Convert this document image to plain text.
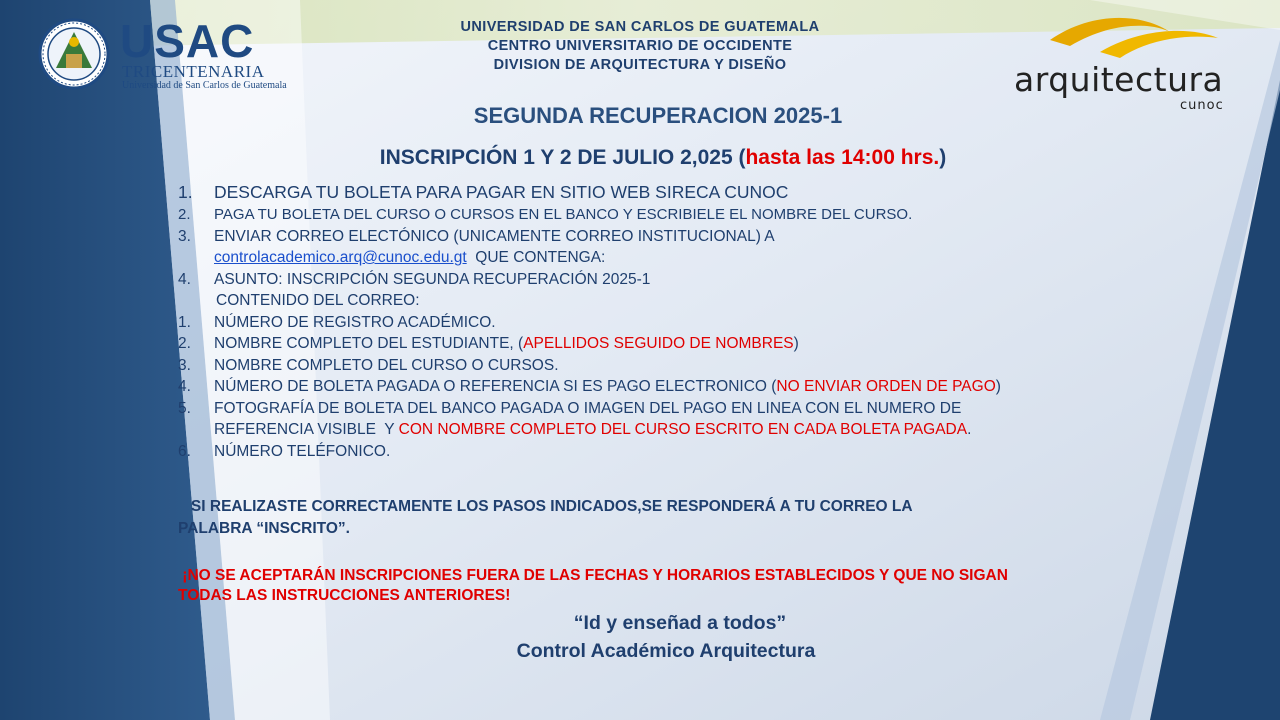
USAC
TRICENTENARIA
Universidad de San Carlos de Guatemala	arquitectura
cunoc
UNIVERSIDAD DE SAN CARLOS DE GUATEMALA
CENTRO UNIVERSITARIO DE OCCIDENTE
DIVISION DE ARQUITECTURA Y DISEÑO
SEGUNDA RECUPERACION 2025-1
INSCRIPCIÓN 1 Y 2 DE JULIO 2,025 (hasta las 14:00 hrs.)
1.	DESCARGA TU BOLETA PARA PAGAR EN SITIO WEB SIRECA CUNOC
2.	PAGA TU BOLETA DEL CURSO O CURSOS EN EL BANCO Y ESCRIBIELE EL NOMBRE DEL CURSO.
3.	ENVIAR CORREO ELECTÓNICO (UNICAMENTE CORREO INSTITUCIONAL) A
controlacademico.arq@cunoc.edu.gt QUE CONTENGA:
4.	ASUNTO: INSCRIPCIÓN SEGUNDA RECUPERACIÓN 2025-1
CONTENIDO DEL CORREO:
1.	NÚMERO DE REGISTRO ACADÉMICO.
2.	NOMBRE COMPLETO DEL ESTUDIANTE, ( APELLIDOS SEGUIDO DE NOMBRES )
3.	NOMBRE COMPLETO DEL CURSO O CURSOS.
4.	NÚMERO DE BOLETA PAGADA O REFERENCIA SI ES PAGO ELECTRONICO ( NO ENVIAR ORDEN DE PAGO )
5.	FOTOGRAFÍA DE BOLETA DEL BANCO PAGADA O IMAGEN DEL PAGO EN LINEA CON EL NUMERO DE
REFERENCIA VISIBLE  Y CON NOMBRE COMPLETO DEL CURSO ESCRITO EN CADA BOLETA PAGADA .
6.	NÚMERO TELÉFONICO.
SI REALIZASTE CORRECTAMENTE LOS PASOS INDICADOS,SE RESPONDERÁ A TU CORREO LA
PALABRA “INSCRITO”.
¡NO SE ACEPTARÁN INSCRIPCIONES FUERA DE LAS FECHAS Y HORARIOS ESTABLECIDOS Y QUE NO SIGAN
TODAS LAS INSTRUCCIONES ANTERIORES!
“Id y enseñad a todos”
Control Académico Arquitectura
